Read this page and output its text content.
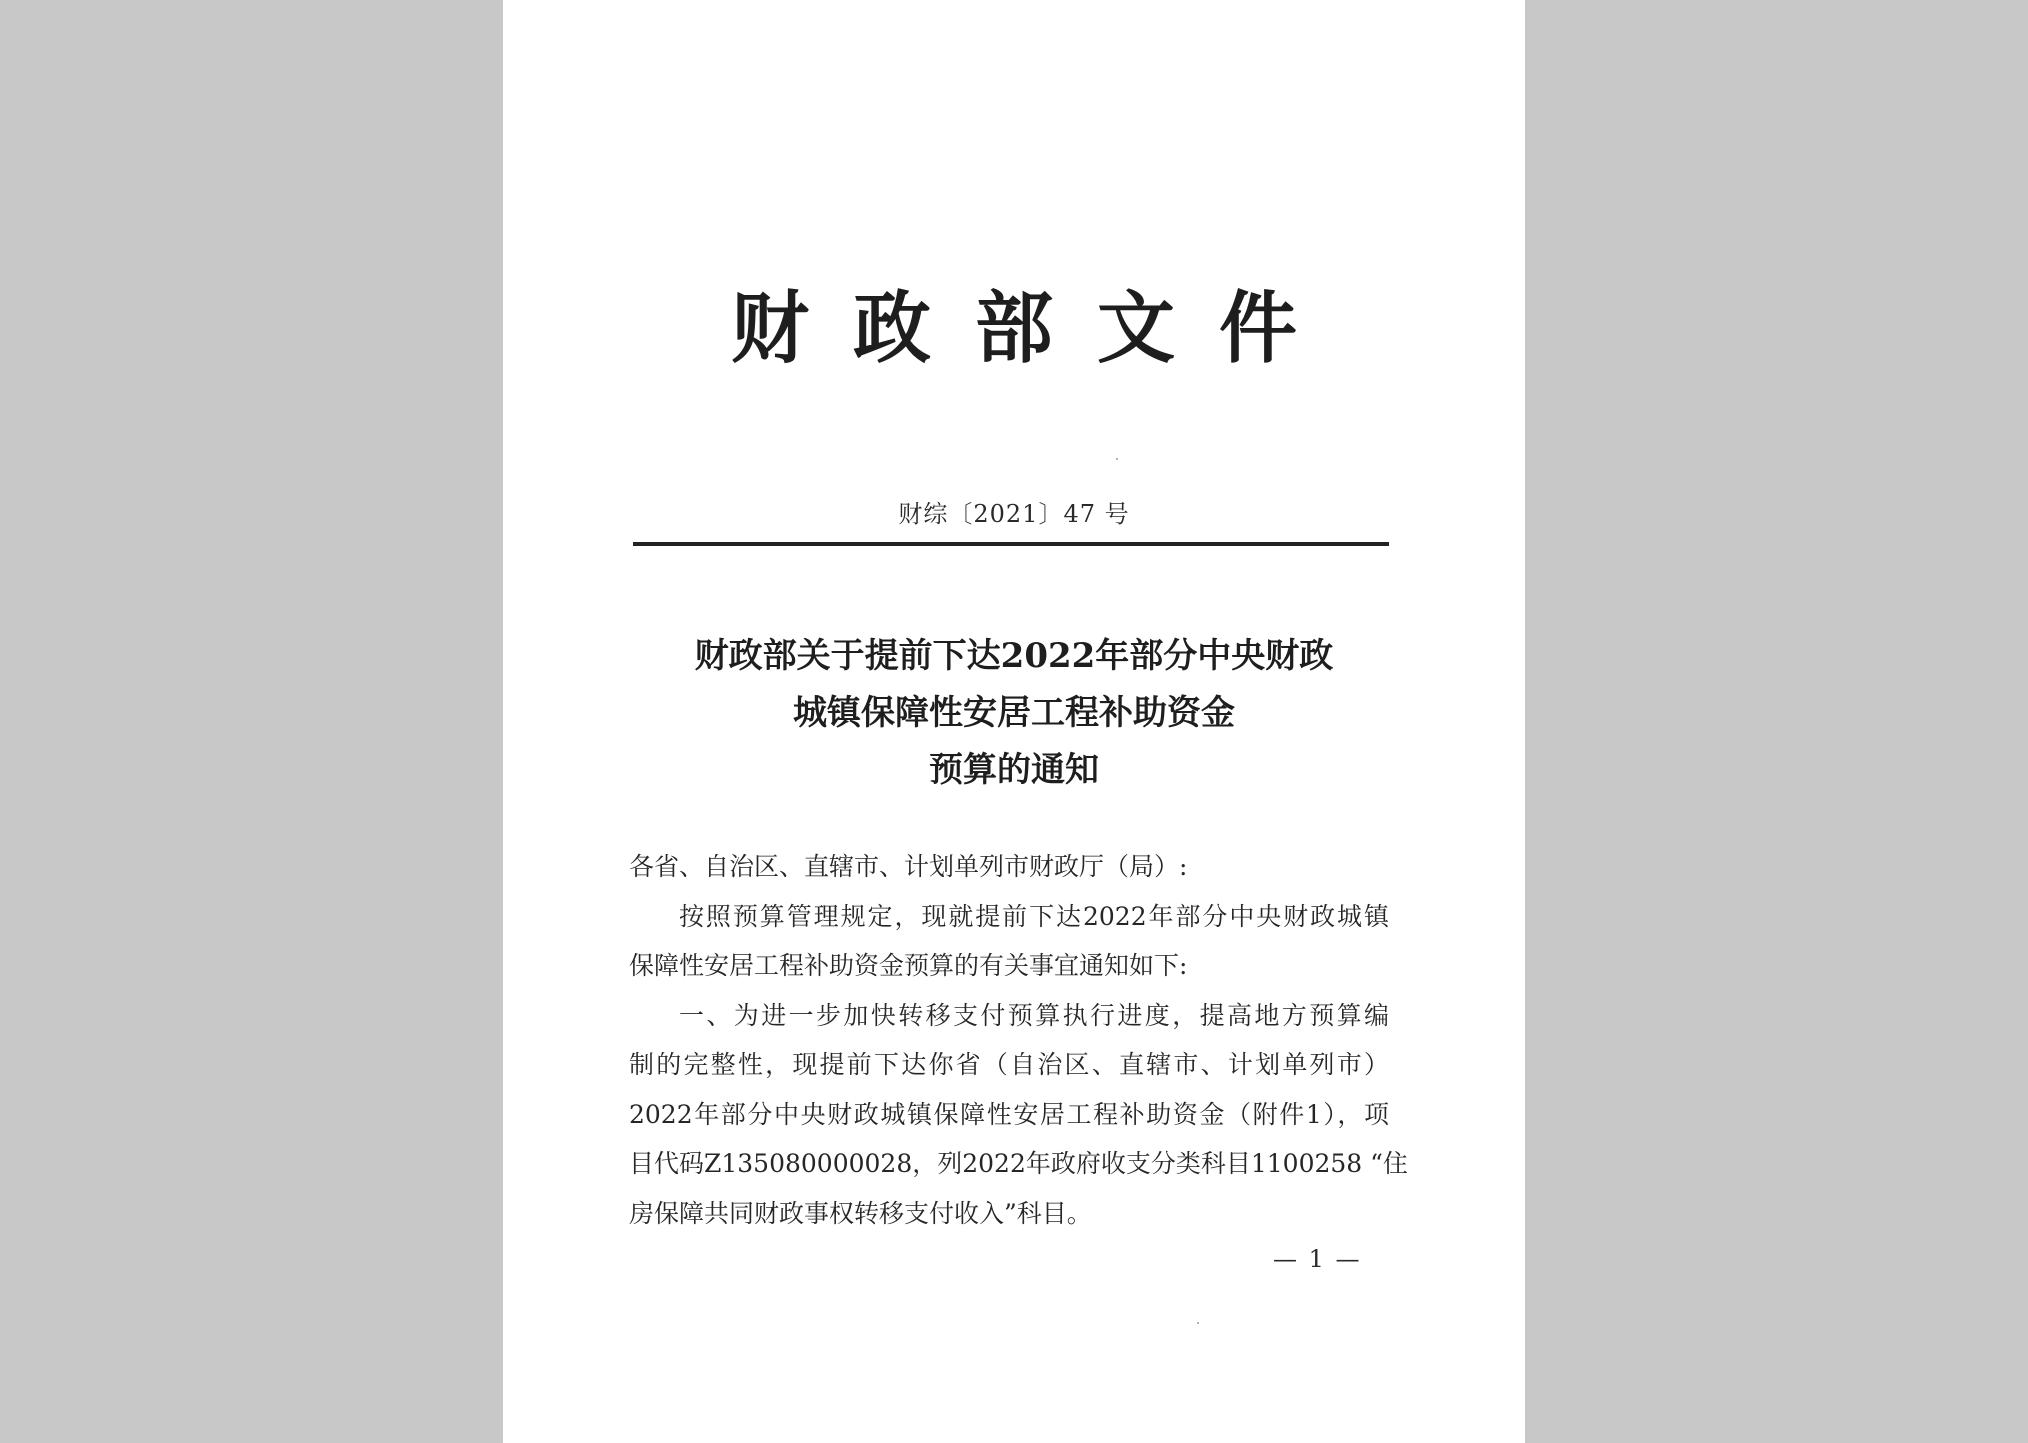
财政部文件
财综〔2021〕47 号
财政部关于提前下达2022年部分中央财政
城镇保障性安居工程补助资金
预算的通知
各省、自治区、直辖市、计划单列市财政厅（局）:
按照预算管理规定，现就提前下达2022年部分中央财政城镇
保障性安居工程补助资金预算的有关事宜通知如下:
一、为进一步加快转移支付预算执行进度，提高地方预算编
制的完整性，现提前下达你省（自治区、直辖市、计划单列市）
2022年部分中央财政城镇保障性安居工程补助资金（附件1），项
目代码Z135080000028，列2022年政府收支分类科目1100258 “住
房保障共同财政事权转移支付收入”科目。
— 1 —
